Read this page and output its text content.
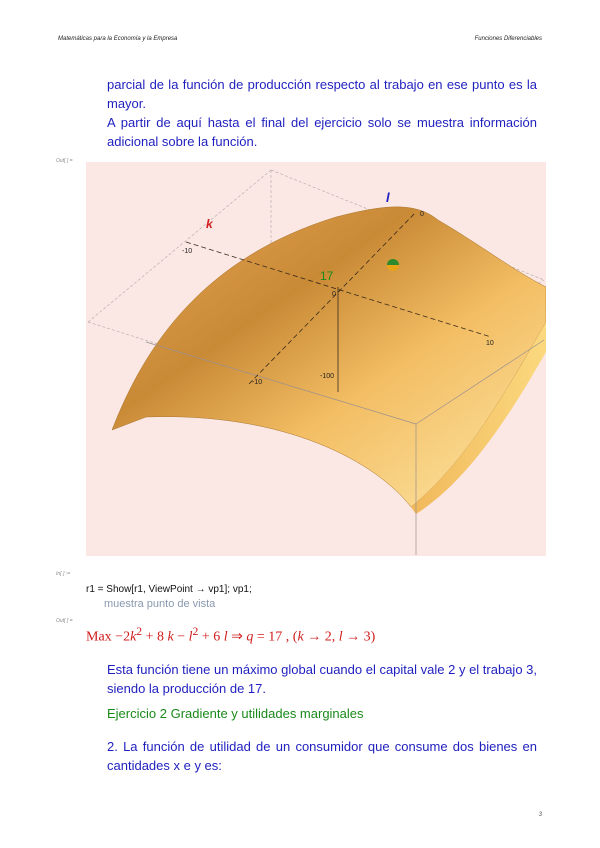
Matemáticas para la Economía y la Empresa	Funciones Diferenciables

parcial de la función de producción respecto al trabajo en ese punto es la mayor.

A partir de aquí hasta el final del ejercicio solo se muestra información adicional sobre la función.

Out[ ] =
k
l
17
-10
0
10
-10
-100
0
In[ ] :=
r1 = Show[r1, ViewPoint → vp1]; vp1;
muestra punto de vista
Out[ ] =
Max $-2k^2 + 8$ $k - l^2 + 6$ l ⇒ q = 17 , (k → 2, l → 3)

Esta función tiene un máximo global cuando el capital vale 2 y el trabajo 3, siendo la producción de 17.

Ejercicio 2 Gradiente y utilidades marginales

2. La función de utilidad de un consumidor que consume dos bienes en cantidades x e y es:

3
